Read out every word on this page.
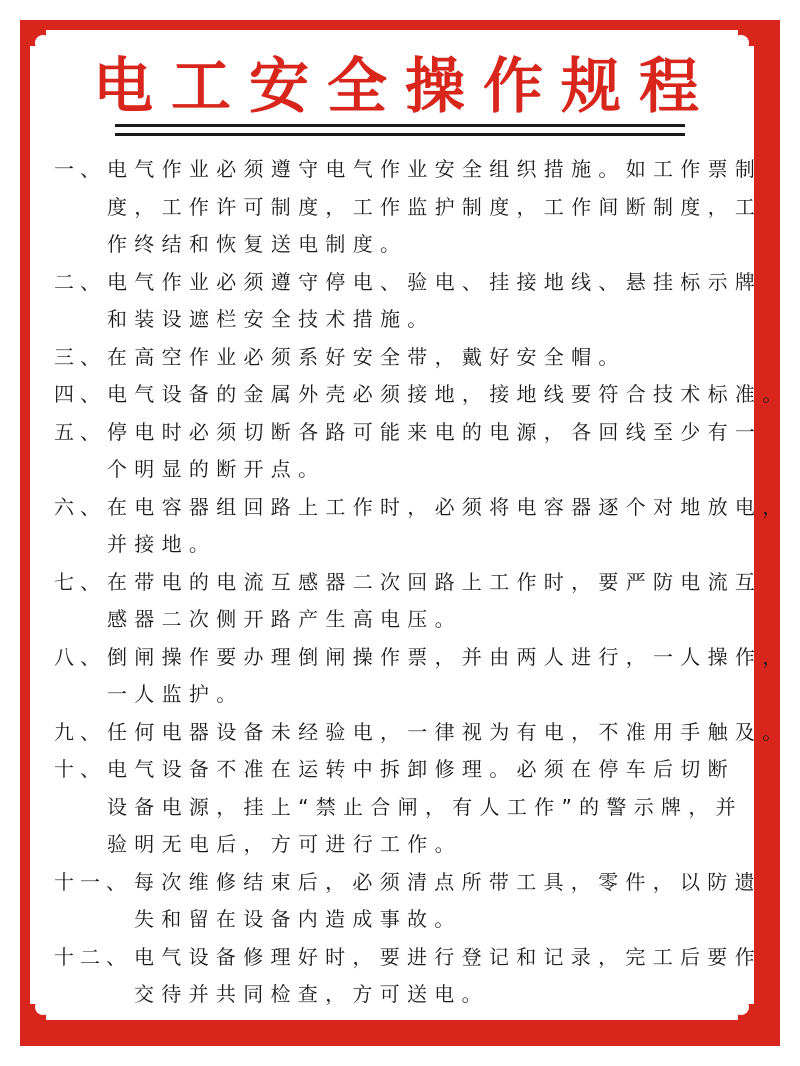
电工安全操作规程
一、 电气作业必须遵守电气作业安全组织措施。如工作票制
度，工作许可制度，工作监护制度，工作间断制度，工
作终结和恢复送电制度。
二、 电气作业必须遵守停电、验电、挂接地线、悬挂标示牌
和装设遮栏安全技术措施。
三、 在高空作业必须系好安全带，戴好安全帽。
四、 电气设备的金属外壳必须接地，接地线要符合技术标准。
五、 停电时必须切断各路可能来电的电源，各回线至少有一
个明显的断开点。
六、 在电容器组回路上工作时，必须将电容器逐个对地放电，
并接地。
七、 在带电的电流互感器二次回路上工作时，要严防电流互
感器二次侧开路产生高电压。
八、 倒闸操作要办理倒闸操作票，并由两人进行，一人操作，
一人监护。
九、 任何电器设备未经验电，一律视为有电，不准用手触及。
十、 电气设备不准在运转中拆卸修理。必须在停车后切断
设备电源，挂上“禁止合闸，有人工作”的警示牌，并
验明无电后，方可进行工作。
十一、 每次维修结束后，必须清点所带工具，零件，以防遗
失和留在设备内造成事故。
十二、 电气设备修理好时，要进行登记和记录，完工后要作
交待并共同检查，方可送电。
